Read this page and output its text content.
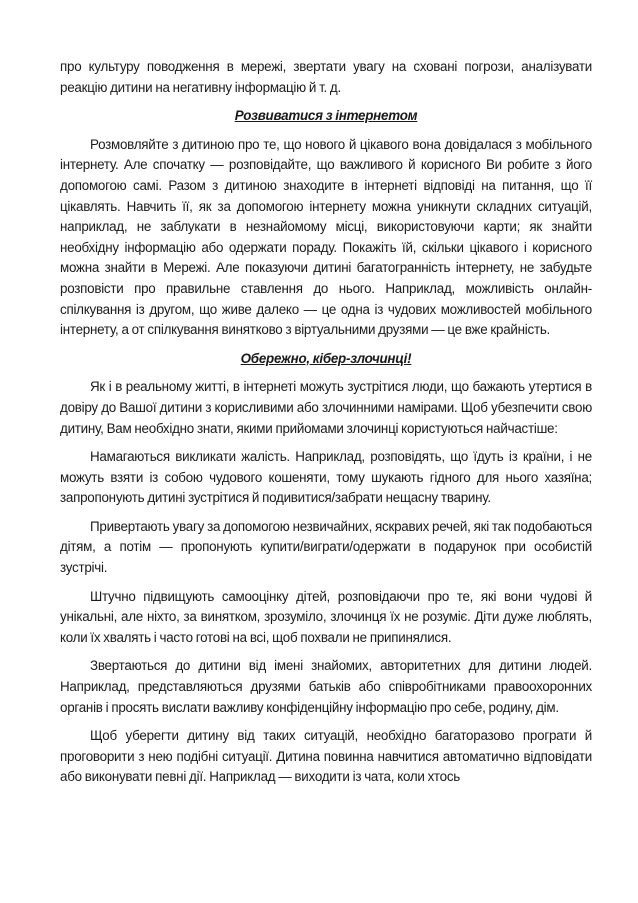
про культуру поводження в мережі, звертати увагу на сховані погрози, аналізувати реакцію дитини на негативну інформацію й т. д.

Розвиватися з інтернетом

Розмовляйте з дитиною про те, що нового й цікавого вона довідалася з мобільного інтернету. Але спочатку — розповідайте, що важливого й корисного Ви робите з його допомогою самі. Разом з дитиною знаходите в інтернеті відповіді на питання, що її цікавлять. Навчить її, як за допомогою інтернету можна уникнути складних ситуацій, наприклад, не заблукати в незнайомому місці, використовуючи карти; як знайти необхідну інформацію або одержати пораду. Покажіть їй, скільки цікавого і корисного можна знайти в Мережі. Але показуючи дитині багатогранність інтернету, не забудьте розповісти про правильне ставлення до нього. Наприклад, можливість онлайн-спілкування із другом, що живе далеко — це одна із чудових можливостей мобільного інтернету, а от спілкування винятково з віртуальними друзями — це вже крайність.

Обережно, кібер-злочинці!

Як і в реальному житті, в інтернеті можуть зустрітися люди, що бажають утертися в довіру до Вашої дитини з корисливими або злочинними намірами. Щоб убезпечити свою дитину, Вам необхідно знати, якими прийомами злочинці користуються найчастіше:

Намагаються викликати жалість. Наприклад, розповідять, що їдуть із країни, і не можуть взяти із собою чудового кошеняти, тому шукають гідного для нього хазяїна; запропонують дитині зустрітися й подивитися/забрати нещасну тварину.

Привертають увагу за допомогою незвичайних, яскравих речей, які так подобаються дітям, а потім — пропонують купити/виграти/одержати в подарунок при особистій зустрічі.

Штучно підвищують самооцінку дітей, розповідаючи про те, які вони чудові й унікальні, але ніхто, за винятком, зрозуміло, злочинця їх не розуміє. Діти дуже люблять, коли їх хвалять і часто готові на всі, щоб похвали не припинялися.

Звертаються до дитини від імені знайомих, авторитетних для дитини людей. Наприклад, представляються друзями батьків або співробітниками правоохоронних органів і просять вислати важливу конфіденційну інформацію про себе, родину, дім.

Щоб уберегти дитину від таких ситуацій, необхідно багаторазово програти й проговорити з нею подібні ситуації. Дитина повинна навчитися автоматично відповідати або виконувати певні дії. Наприклад — виходити із чата, коли хтось
